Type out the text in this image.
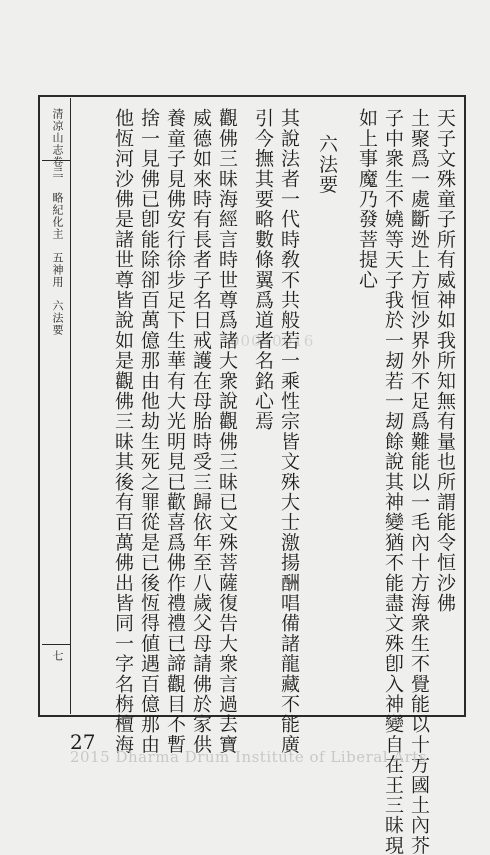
清凉山志卷二
二 略紀化主　五神用　六法要
七
00040016	天子文殊童子所有威神如我所知無有量也所謂能令恒沙佛
土聚爲一處斷迯上方恒沙界外不足爲難能以一毛內十方海衆生不覺能以十方國土內芥
子中衆生不嬈等天子我於一刼若一刼餘說其神變猶不能盡文殊卽入神變自在王三昧現
如上事魔乃發菩提心
六法要
其說法者一代時敎不共般若一乘性宗皆文殊大士激揚酬唱備諸龍藏不能廣
引今撫其要略數條翼爲道者名銘心焉
觀佛三昧海經言時世尊爲諸大衆說觀佛三昧已文殊菩薩復告大衆言過去寶
威德如來時有長者子名日戒護在母胎時受三歸依年至八歲父母請佛於家供
養童子見佛安行徐步足下生華有大光明見已歡喜爲佛作禮禮已諦觀目不暫
捨一見佛已卽能除卻百萬億那由他劫生死之罪從是已後恆得値遇百億那由
他恆河沙佛是諸世尊皆說如是觀佛三昧其後有百萬佛出皆同一字名栴檀海
27
2015 Dharma Drum Institute of Liberal Arts
